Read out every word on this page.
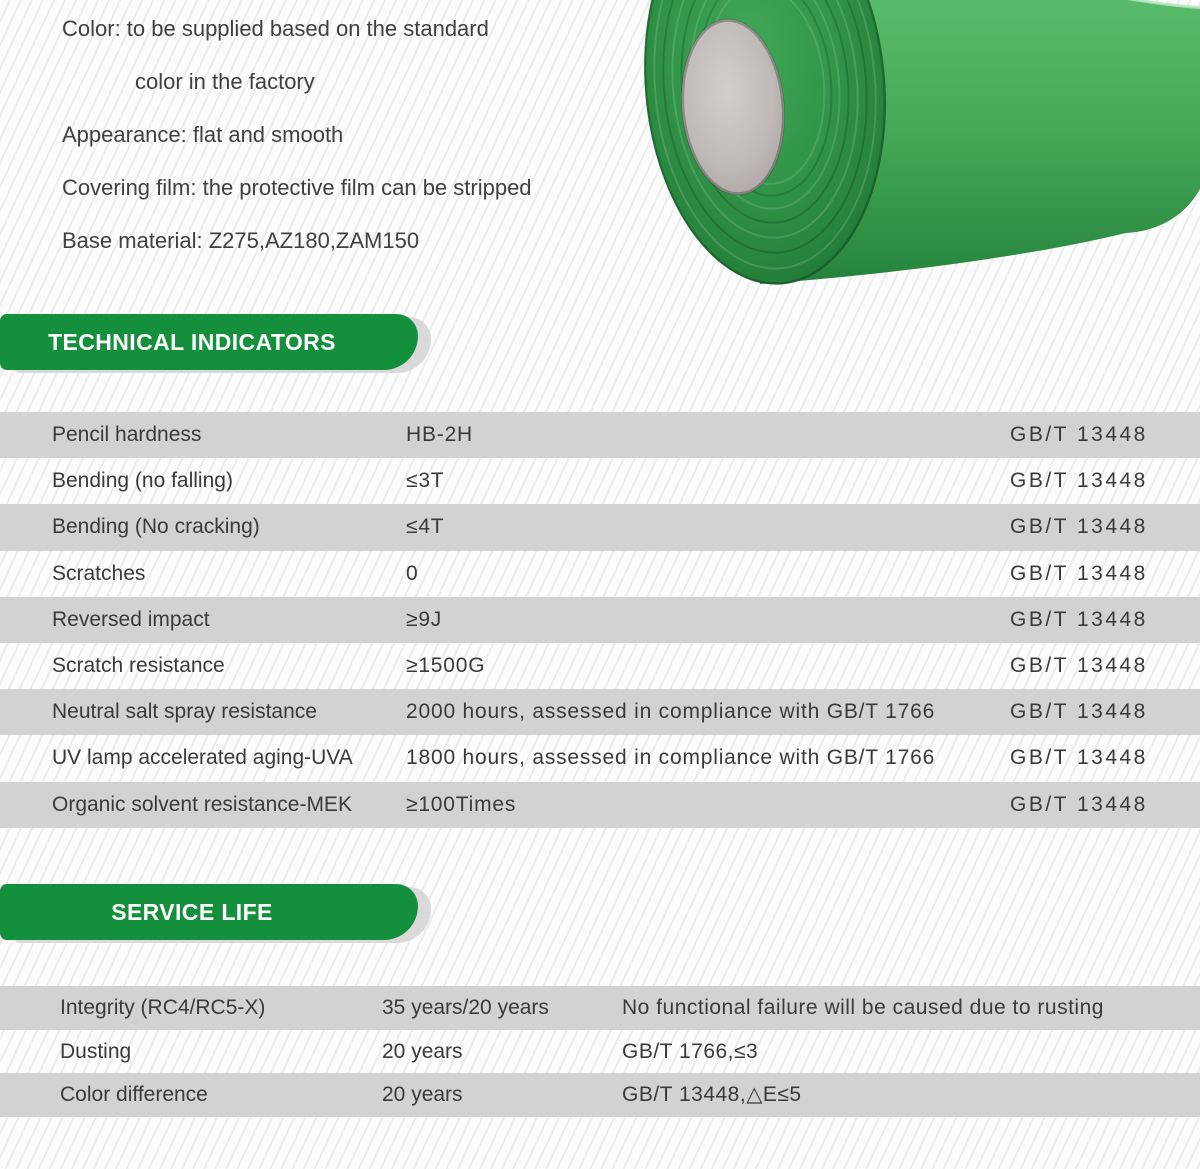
Color: to be supplied based on the standard
color in the factory
Appearance: flat and smooth
Covering film: the protective film can be stripped
Base material: Z275,AZ180,ZAM150
TECHNICAL INDICATORS
Pencil hardness	HB-2H	GB/T 13448
Bending (no falling)	≤3T	GB/T 13448
Bending (No cracking)	≤4T	GB/T 13448
Scratches	0	GB/T 13448
Reversed impact	≥9J	GB/T 13448
Scratch resistance	≥1500G	GB/T 13448
Neutral salt spray resistance	2000 hours, assessed in compliance with GB/T 1766	GB/T 13448
UV lamp accelerated aging-UVA	1800 hours, assessed in compliance with GB/T 1766	GB/T 13448
Organic solvent resistance-MEK	≥100Times	GB/T 13448
SERVICE LIFE
Integrity (RC4/RC5-X)	35 years/20 years	No functional failure will be caused due to rusting
Dusting	20 years	GB/T 1766,≤3
Color difference	20 years	GB/T 13448,△E≤5
